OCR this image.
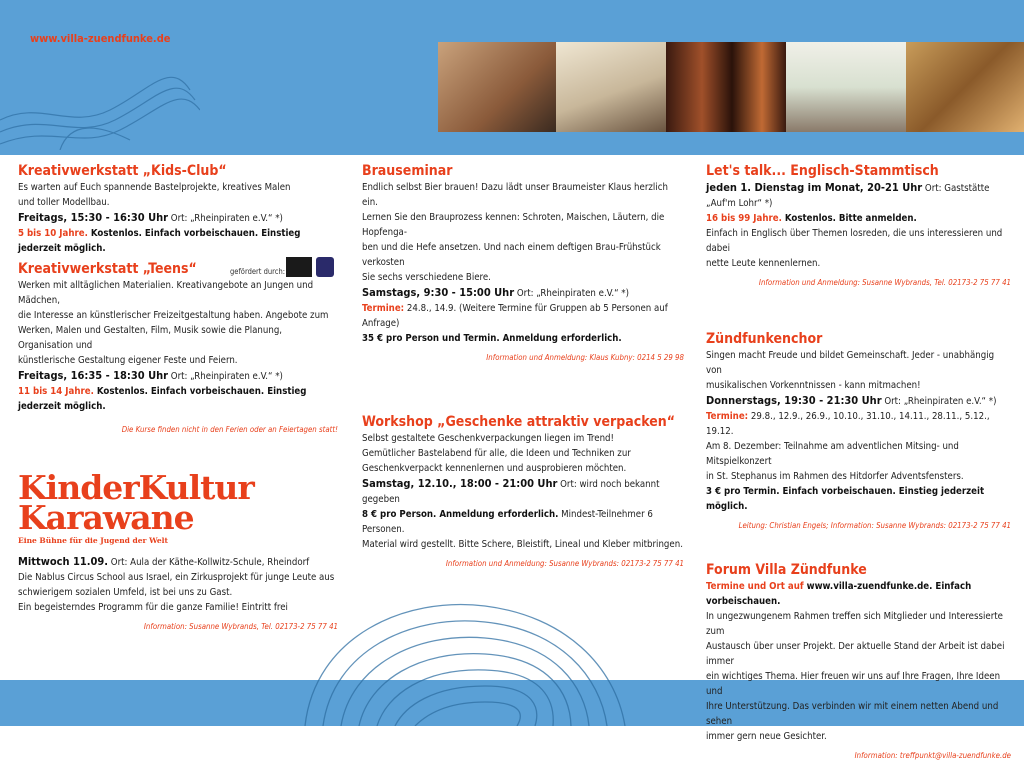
www.villa-zuendfunke.de
Kreativwerkstatt „Kids-Club“

Es warten auf Euch spannende Bastelprojekte, kreatives Malen

und toller Modellbau.

Freitags, 15:30 - 16:30 Uhr Ort: „Rheinpiraten e.V.“ *)

5 bis 10 Jahre. Kostenlos. Einfach vorbeischauen. Einstieg jederzeit möglich.

Kreativwerkstatt „Teens“	gefördert durch:

Werken mit alltäglichen Materialien. Kreativangebote an Jungen und Mädchen,

die Interesse an künstlerischer Freizeitgestaltung haben. Angebote zum

Werken, Malen und Gestalten, Film, Musik sowie die Planung, Organisation und

künstlerische Gestaltung eigener Feste und Feiern.

Freitags, 16:35 - 18:30 Uhr Ort: „Rheinpiraten e.V.“ *)

11 bis 14 Jahre. Kostenlos. Einfach vorbeischauen. Einstieg jederzeit möglich.

Die Kurse finden nicht in den Ferien oder an Feiertagen statt!
KinderKultur
Karawane
Eine Bühne für die Jugend der Welt

Mittwoch 11.09. Ort: Aula der Käthe-Kollwitz-Schule, Rheindorf

Die Nablus Circus School aus Israel, ein Zirkusprojekt für junge Leute aus

schwierigem sozialen Umfeld, ist bei uns zu Gast.

Ein begeisterndes Programm für die ganze Familie! Eintritt frei

Information: Susanne Wybrands, Tel. 02173-2 75 77 41
Brauseminar

Endlich selbst Bier brauen! Dazu lädt unser Braumeister Klaus herzlich ein.

Lernen Sie den Brauprozess kennen: Schroten, Maischen, Läutern, die Hopfenga-

ben und die Hefe ansetzen. Und nach einem deftigen Brau-Frühstück verkosten

Sie sechs verschiedene Biere.

Samstags, 9:30 - 15:00 Uhr Ort: „Rheinpiraten e.V.“ *)

Termine: 24.8., 14.9. (Weitere Termine für Gruppen ab 5 Personen auf Anfrage)

35 € pro Person und Termin. Anmeldung erforderlich.

Information und Anmeldung: Klaus Kubny: 0214 5 29 98
Workshop „Geschenke attraktiv verpacken“

Selbst gestaltete Geschenkverpackungen liegen im Trend!

Gemütlicher Bastelabend für alle, die Ideen und Techniken zur

Geschenkverpackt kennenlernen und ausprobieren möchten.

Samstag, 12.10., 18:00 - 21:00 Uhr Ort: wird noch bekannt gegeben

8 € pro Person. Anmeldung erforderlich. Mindest-Teilnehmer 6 Personen.

Material wird gestellt. Bitte Schere, Bleistift, Lineal und Kleber mitbringen.

Information und Anmeldung: Susanne Wybrands: 02173-2 75 77 41
Let's talk... Englisch-Stammtisch

jeden 1. Dienstag im Monat, 20-21 Uhr Ort: Gaststätte „Auf'm Lohr“ *)

16 bis 99 Jahre. Kostenlos. Bitte anmelden.

Einfach in Englisch über Themen losreden, die uns interessieren und dabei

nette Leute kennenlernen.

Information und Anmeldung: Susanne Wybrands, Tel. 02173-2 75 77 41
Zündfunkenchor

Singen macht Freude und bildet Gemeinschaft. Jeder - unabhängig von

musikalischen Vorkenntnissen - kann mitmachen!

Donnerstags, 19:30 - 21:30 Uhr Ort: „Rheinpiraten e.V.“ *)

Termine: 29.8., 12.9., 26.9., 10.10., 31.10., 14.11., 28.11., 5.12., 19.12.

Am 8. Dezember: Teilnahme am adventlichen Mitsing- und Mitspielkonzert

in St. Stephanus im Rahmen des Hitdorfer Adventsfensters.

3 € pro Termin. Einfach vorbeischauen. Einstieg jederzeit möglich.

Leitung: Christian Engels; Information: Susanne Wybrands: 02173-2 75 77 41
Forum Villa Zündfunke

Termine und Ort auf www.villa-zuendfunke.de. Einfach vorbeischauen.

In ungezwungenem Rahmen treffen sich Mitglieder und Interessierte zum

Austausch über unser Projekt. Der aktuelle Stand der Arbeit ist dabei immer

ein wichtiges Thema. Hier freuen wir uns auf Ihre Fragen, Ihre Ideen und

Ihre Unterstützung. Das verbinden wir mit einem netten Abend und sehen

immer gern neue Gesichter.

Information: treffpunkt@villa-zuendfunke.de
